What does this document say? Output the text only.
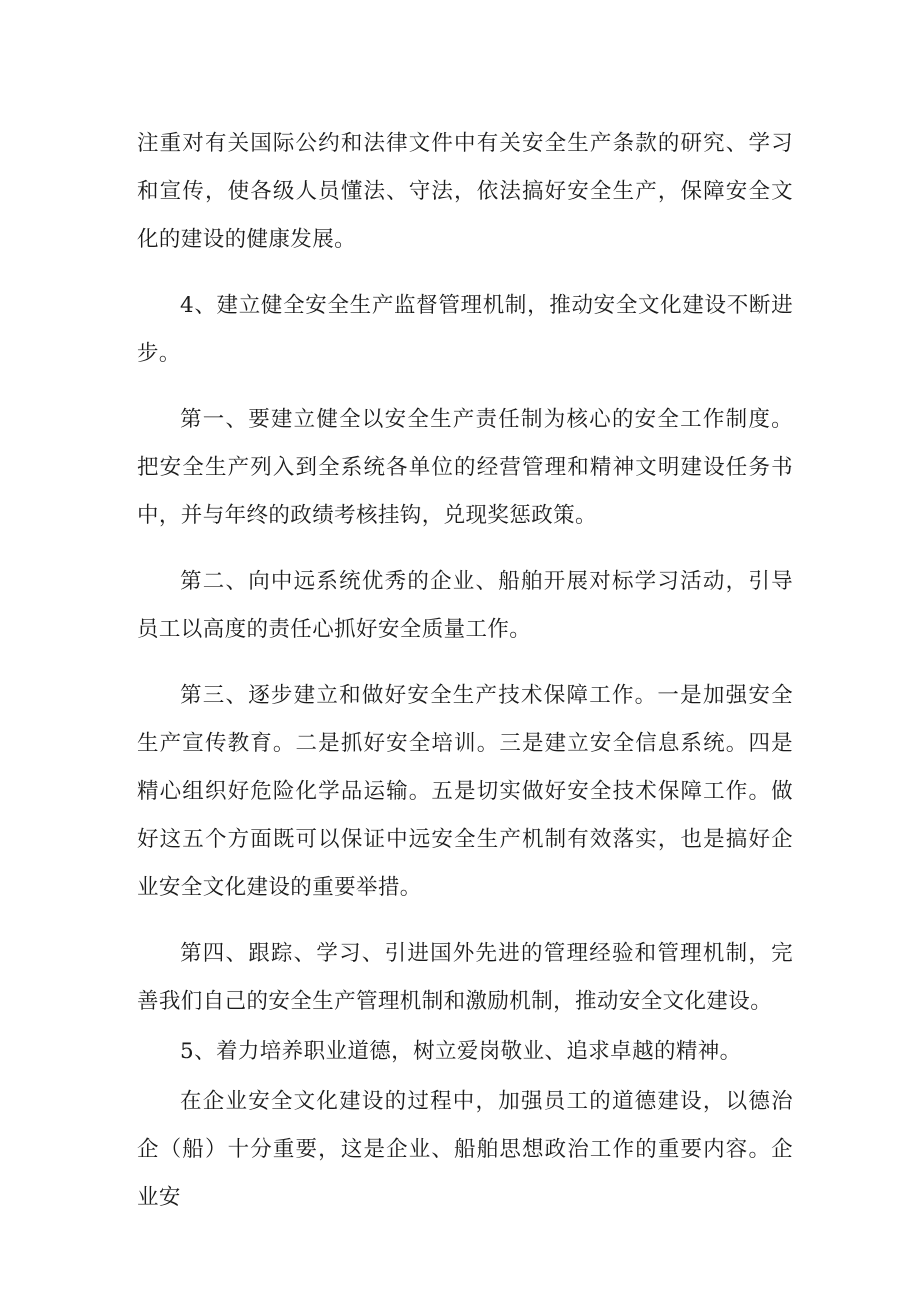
注重对有关国际公约和法律文件中有关安全生产条款的研究、学习和宣传，使各级人员懂法、守法，依法搞好安全生产，保障安全文化的建设的健康发展。

4、建立健全安全生产监督管理机制，推动安全文化建设不断进步。

第一、要建立健全以安全生产责任制为核心的安全工作制度。把安全生产列入到全系统各单位的经营管理和精神文明建设任务书中，并与年终的政绩考核挂钩，兑现奖惩政策。

第二、向中远系统优秀的企业、船舶开展对标学习活动，引导员工以高度的责任心抓好安全质量工作。

第三、逐步建立和做好安全生产技术保障工作。一是加强安全生产宣传教育。二是抓好安全培训。三是建立安全信息系统。四是精心组织好危险化学品运输。五是切实做好安全技术保障工作。做好这五个方面既可以保证中远安全生产机制有效落实，也是搞好企业安全文化建设的重要举措。

第四、跟踪、学习、引进国外先进的管理经验和管理机制，完善我们自己的安全生产管理机制和激励机制，推动安全文化建设。

5、着力培养职业道德，树立爱岗敬业、追求卓越的精神。

在企业安全文化建设的过程中，加强员工的道德建设，以德治企（船）十分重要，这是企业、船舶思想政治工作的重要内容。企业安
